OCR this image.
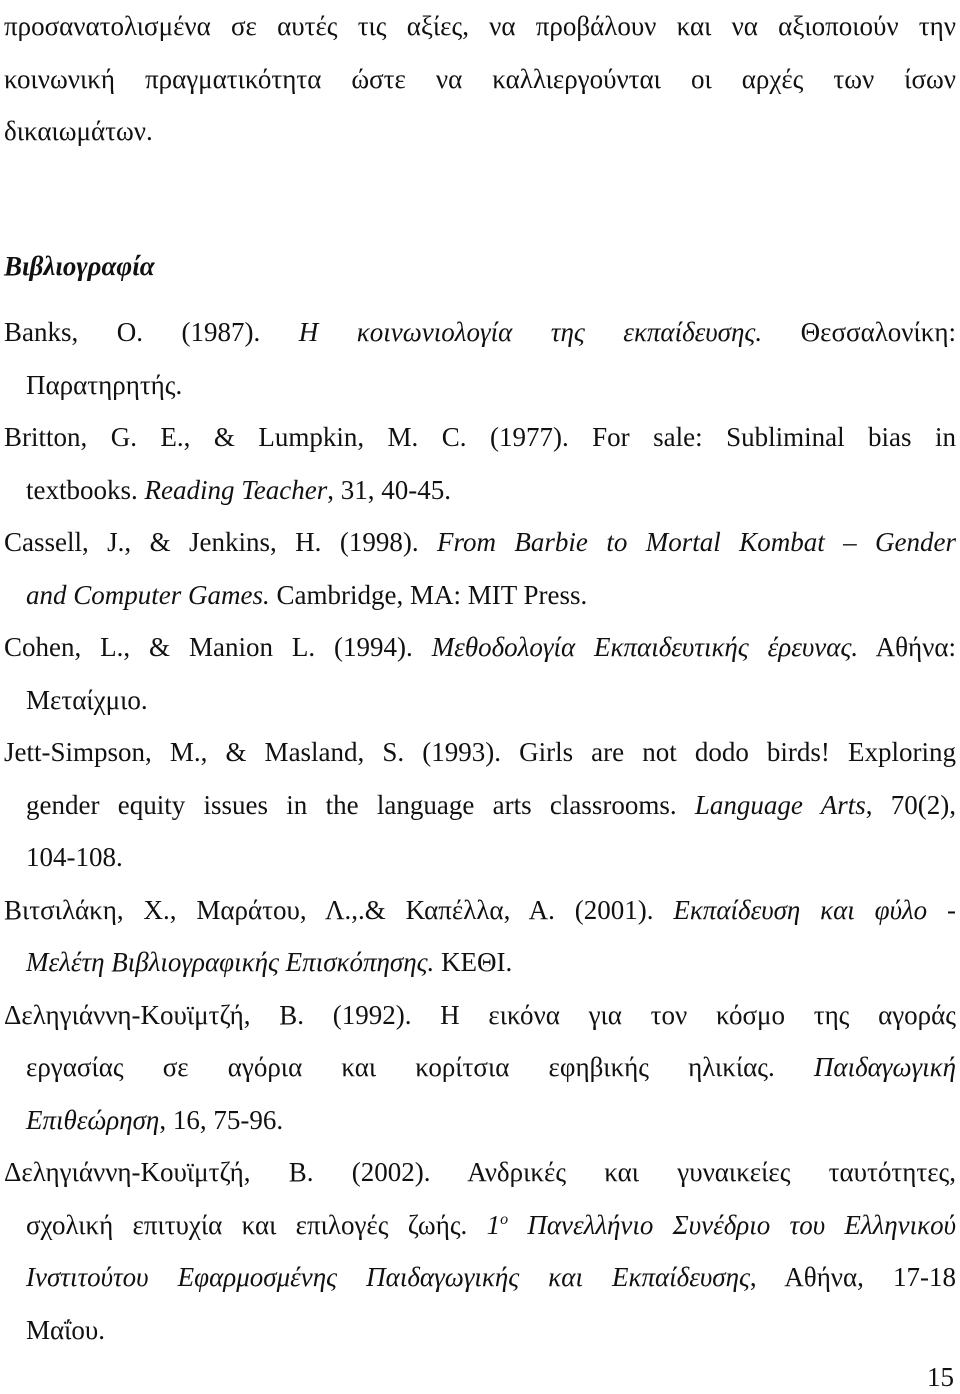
προσανατολισμένα σε αυτές τις αξίες, να προβάλουν και να αξιοποιούν την
κοινωνική πραγματικότητα ώστε να καλλιεργούνται οι αρχές των ίσων
δικαιωμάτων.
Βιβλιογραφία
Banks, O. (1987). Η κοινωνιολογία της εκπαίδευσης. Θεσσαλονίκη:
Παρατηρητής.
Britton, G. E., & Lumpkin, M. C. (1977). For sale: Subliminal bias in
textbooks. Reading Teacher, 31, 40-45.
Cassell, J., & Jenkins, H. (1998). From Barbie to Mortal Kombat – Gender
and Computer Games. Cambridge, MA: MIT Press.
Cohen, L., & Manion L. (1994). Μεθοδολογία Εκπαιδευτικής έρευνας. Αθήνα:
Μεταίχμιο.
Jett-Simpson, M., & Masland, S. (1993). Girls are not dodo birds! Exploring
gender equity issues in the language arts classrooms. Language Arts, 70(2),
104-108.
Βιτσιλάκη, Χ., Μαράτου, Λ.,.& Καπέλλα, Α. (2001). Εκπαίδευση και φύλο -
Μελέτη Βιβλιογραφικής Επισκόπησης. ΚΕΘΙ.
Δεληγιάννη-Κουϊμτζή, Β. (1992). Η εικόνα για τον κόσμο της αγοράς
εργασίας σε αγόρια και κορίτσια εφηβικής ηλικίας. Παιδαγωγική
Επιθεώρηση, 16, 75-96.
Δεληγιάννη-Κουϊμτζή, Β. (2002). Ανδρικές και γυναικείες ταυτότητες,
σχολική επιτυχία και επιλογές ζωής. $1^o$ Πανελλήνιο Συνέδριο του Ελληνικού
Ινστιτούτου Εφαρμοσμένης Παιδαγωγικής και Εκπαίδευσης, Αθήνα, 17-18
Μαΐου.
15
